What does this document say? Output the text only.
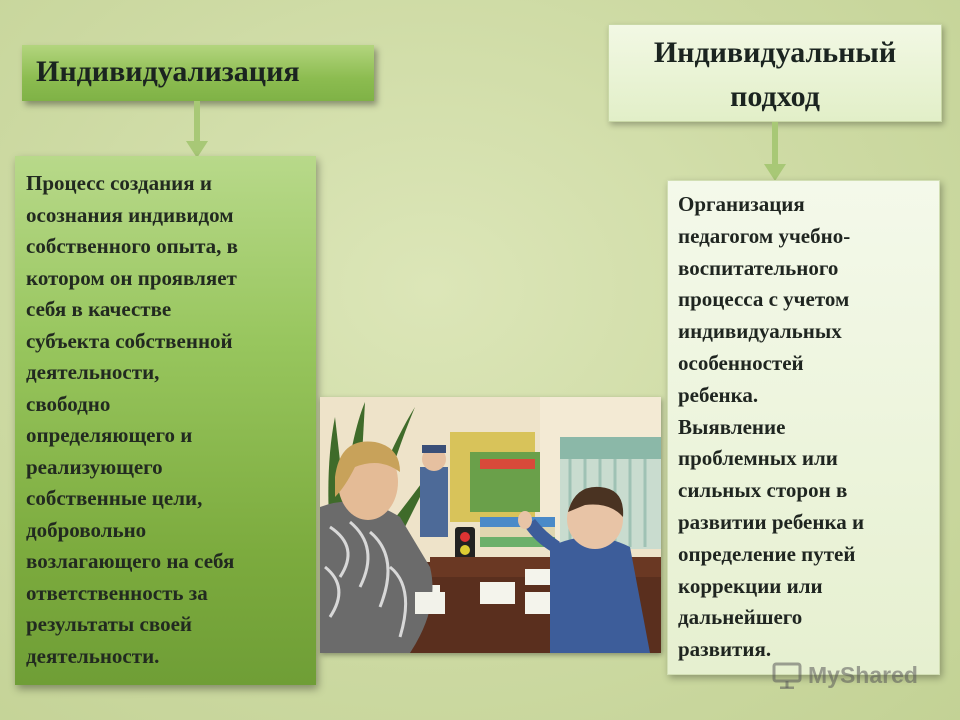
Индивидуализация
Процесс создания и
осознания индивидом
собственного опыта, в
котором он проявляет
себя в качестве
субъекта собственной
деятельности,
свободно
определяющего и
реализующего
собственные цели,
добровольно
возлагающего на себя
ответственность за
результаты своей
деятельности.
Индивидуальный
подход
Организация
педагогом учебно-
воспитательного
процесса с учетом
индивидуальных
особенностей
ребенка.
Выявление
проблемных или
сильных сторон в
развитии ребенка и
определение путей
коррекции или
дальнейшего
развития.
MyShared
